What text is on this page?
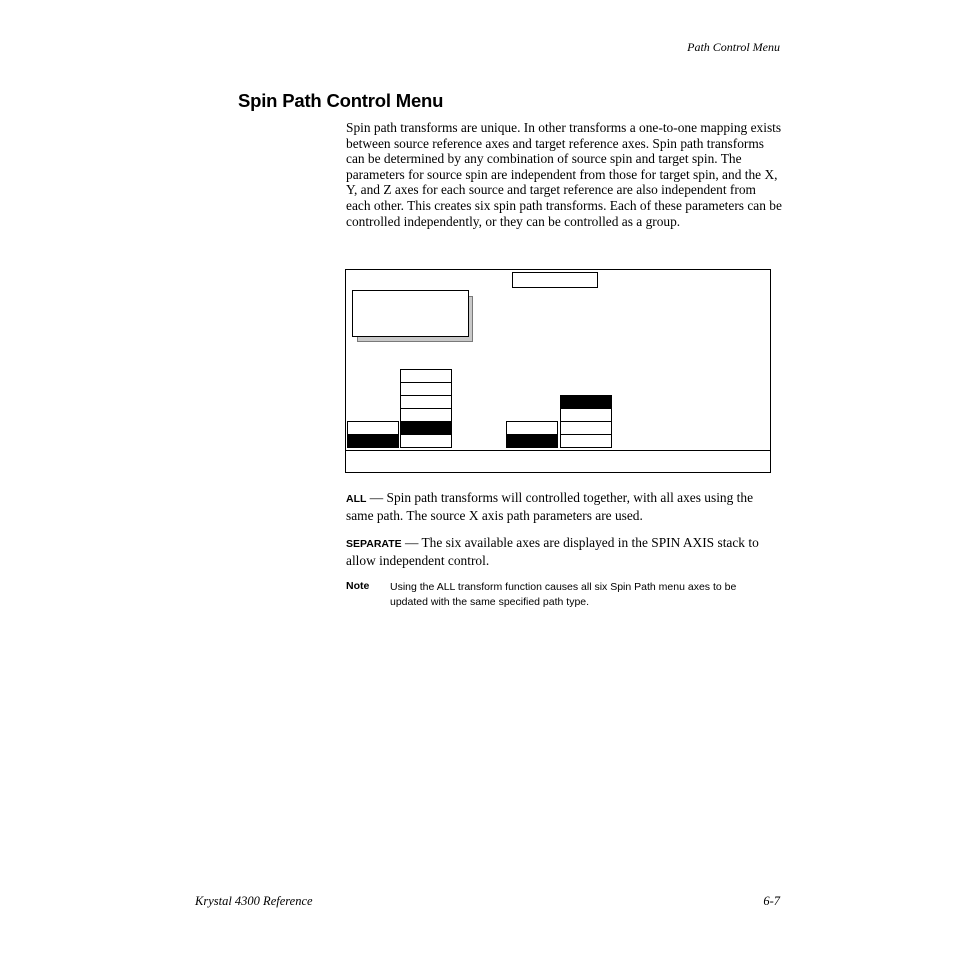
Path Control Menu
Spin Path Control Menu

Spin path transforms are unique. In other transforms a one-to-one mapping exists between source reference axes and target reference axes. Spin path transforms can be determined by any combination of source spin and target spin. The parameters for source spin are independent from those for target spin, and the X, Y, and Z axes for each source and target reference are also independent from each other. This creates six spin path transforms. Each of these parameters can be controlled independently, or they can be controlled as a group.

ALL — Spin path transforms will controlled together, with all axes using the same path. The source X axis path parameters are used.

SEPARATE — The six available axes are displayed in the SPIN AXIS stack to allow independent control.

Note Using the ALL transform function causes all six Spin Path menu axes to be updated with the same specified path type.

Krystal 4300 Reference	6-7
